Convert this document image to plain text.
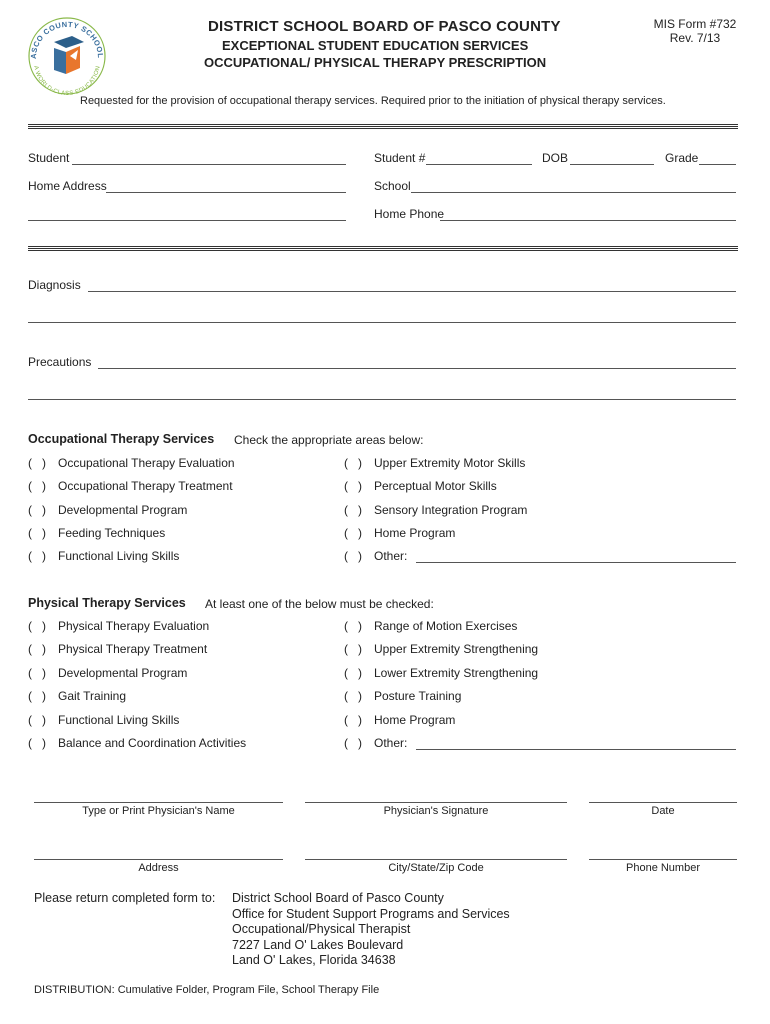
ASCO COUNTY SCHOOL
A WORLD-CLASS EDUCATION
DISTRICT SCHOOL BOARD OF PASCO COUNTY
EXCEPTIONAL STUDENT EDUCATION SERVICES
OCCUPATIONAL/ PHYSICAL THERAPY PRESCRIPTION
MIS Form #732
Rev. 7/13
Requested for the provision of occupational therapy services. Required prior to the initiation of physical therapy services.
Student	Student #	DOB	Grade
Home Address	School
Home Phone
Diagnosis
Precautions
Occupational Therapy Services Check the appropriate areas below:
( ) Occupational Therapy Evaluation	( ) Upper Extremity Motor Skills
( ) Occupational Therapy Treatment	( ) Perceptual Motor Skills
( ) Developmental Program	( ) Sensory Integration Program
( ) Feeding Techniques	( ) Home Program
( ) Functional Living Skills	( ) Other:
Physical Therapy Services At least one of the below must be checked:
( ) Physical Therapy Evaluation	( ) Range of Motion Exercises
( ) Physical Therapy Treatment	( ) Upper Extremity Strengthening
( ) Developmental Program	( ) Lower Extremity Strengthening
( ) Gait Training	( ) Posture Training
( ) Functional Living Skills	( ) Home Program
( ) Balance and Coordination Activities	( ) Other:
Type or Print Physician's Name	Physician's Signature	Date
Address	City/State/Zip Code	Phone Number
Please return completed form to: District School Board of Pasco County
Office for Student Support Programs and Services
Occupational/Physical Therapist
7227 Land O' Lakes Boulevard
Land O' Lakes, Florida 34638
DISTRIBUTION: Cumulative Folder, Program File, School Therapy File
